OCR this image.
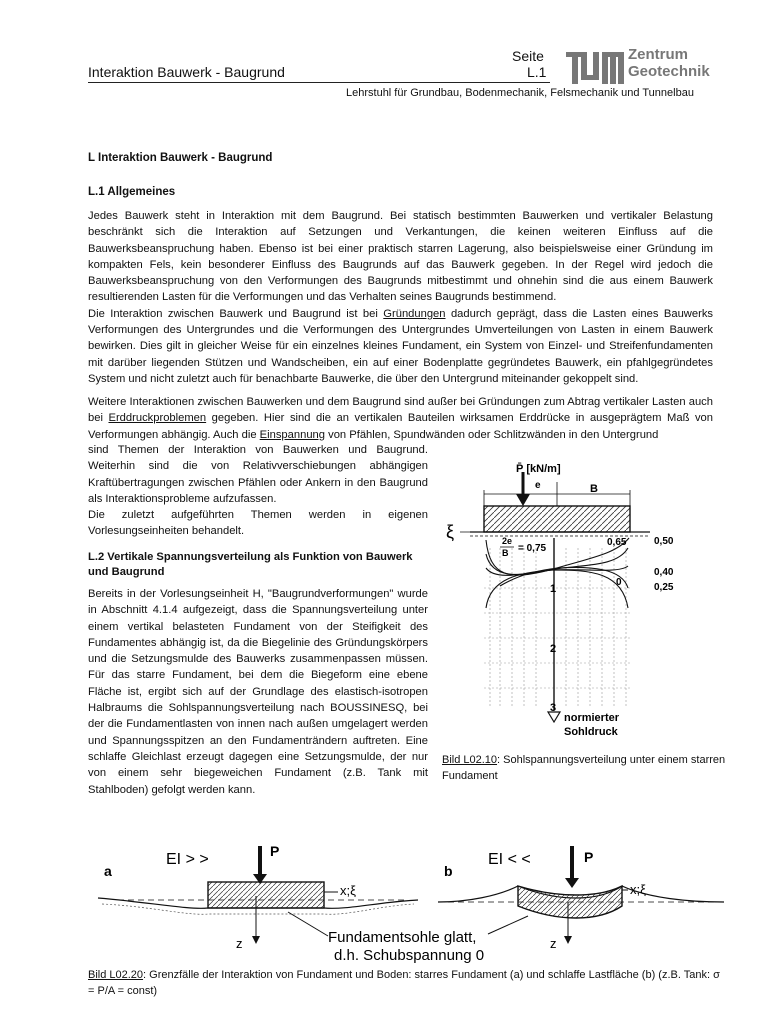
Seite
Interaktion Bauwerk - Baugrund	L.1
Zentrum
Geotechnik
Lehrstuhl für Grundbau, Bodenmechanik, Felsmechanik und Tunnelbau
L Interaktion Bauwerk - Baugrund
L.1 Allgemeines
Jedes Bauwerk steht in Interaktion mit dem Baugrund. Bei statisch bestimmten Bauwerken und vertikaler Belastung beschränkt sich die Interaktion auf Setzungen und Verkantungen, die keinen weiteren Einfluss auf die Bauwerksbeanspruchung haben. Ebenso ist bei einer praktisch starren Lagerung, also beispielsweise einer Gründung im kompakten Fels, kein besonderer Einfluss des Baugrunds auf das Bauwerk gegeben. In der Regel wird jedoch die Bauwerksbeanspruchung von den Verformungen des Baugrunds mitbestimmt und ohnehin sind die aus einem Bauwerk resultierenden Lasten für die Verformungen und das Verhalten seines Baugrunds bestimmend.
Die Interaktion zwischen Bauwerk und Baugrund ist bei Gründungen dadurch geprägt, dass die Lasten eines Bauwerks Verformungen des Untergrundes und die Verformungen des Untergrundes Umverteilungen von Lasten in einem Bauwerk bewirken. Dies gilt in gleicher Weise für ein einzelnes kleines Fundament, ein System von Einzel- und Streifenfundamenten mit darüber liegenden Stützen und Wandscheiben, ein auf einer Bodenplatte gegründetes Bauwerk, ein pfahlgegründetes System und nicht zuletzt auch für benachbarte Bauwerke, die über den Untergrund miteinander gekoppelt sind.
Weitere Interaktionen zwischen Bauwerken und dem Baugrund sind außer bei Gründungen zum Abtrag vertikaler Lasten auch bei Erddruckproblemen gegeben. Hier sind die an vertikalen Bauteilen wirksamen Erddrücke in ausgeprägtem Maß von Verformungen abhängig. Auch die Einspannung von Pfählen, Spundwänden oder Schlitzwänden in den Untergrund
sind Themen der Interaktion von Bauwerken und Baugrund. Weiterhin sind die von Relativverschiebungen abhängigen Kraftübertragungen zwischen Pfählen oder Ankern in den Baugrund als Interaktionsprobleme aufzufassen.
Die zuletzt aufgeführten Themen werden in eigenen Vorlesungseinheiten behandelt.
L.2 Vertikale Spannungsverteilung als Funktion von Bauwerk und Baugrund
Bereits in der Vorlesungseinheit H, "Baugrundverformungen" wurde in Abschnitt 4.1.4 aufgezeigt, dass die Spannungsverteilung unter einem vertikal belasteten Fundament von der Steifigkeit des Fundamentes abhängig ist, da die Biegelinie des Gründungskörpers und die Setzungsmulde des Bauwerks zusammenpassen müssen. Für das starre Fundament, bei dem die Biegeform eine ebene Fläche ist, ergibt sich auf der Grundlage des elastisch-isotropen Halbraums die Sohlspannungsverteilung nach BOUSSINESQ, bei der die Fundamentlasten von innen nach außen umgelagert werden und Spannungsspitzen an den Fundamenträndern auftreten. Eine schlaffe Gleichlast erzeugt dagegen eine Setzungsmulde, der nur von einem sehr biegeweichen Fundament (z.B. Tank mit Stahlboden) gefolgt werden kann.
B
e
P̄ [kN/m]
ξ	2e
B = 0,75
0,65	0,50
0,40
0	0,25
1
2
3
normierter
Sohldruck
Bild L02.10: Sohlspannungsverteilung unter einem starren Fundament
a
EI > >	P
x;ξ
z
b
EI < <	P
x;ξ
z
Fundamentsohle glatt,
d.h. Schubspannung 0
Bild L02.20: Grenzfälle der Interaktion von Fundament und Boden: starres Fundament (a) und schlaffe Lastfläche (b) (z.B. Tank: σ = P/A = const)
